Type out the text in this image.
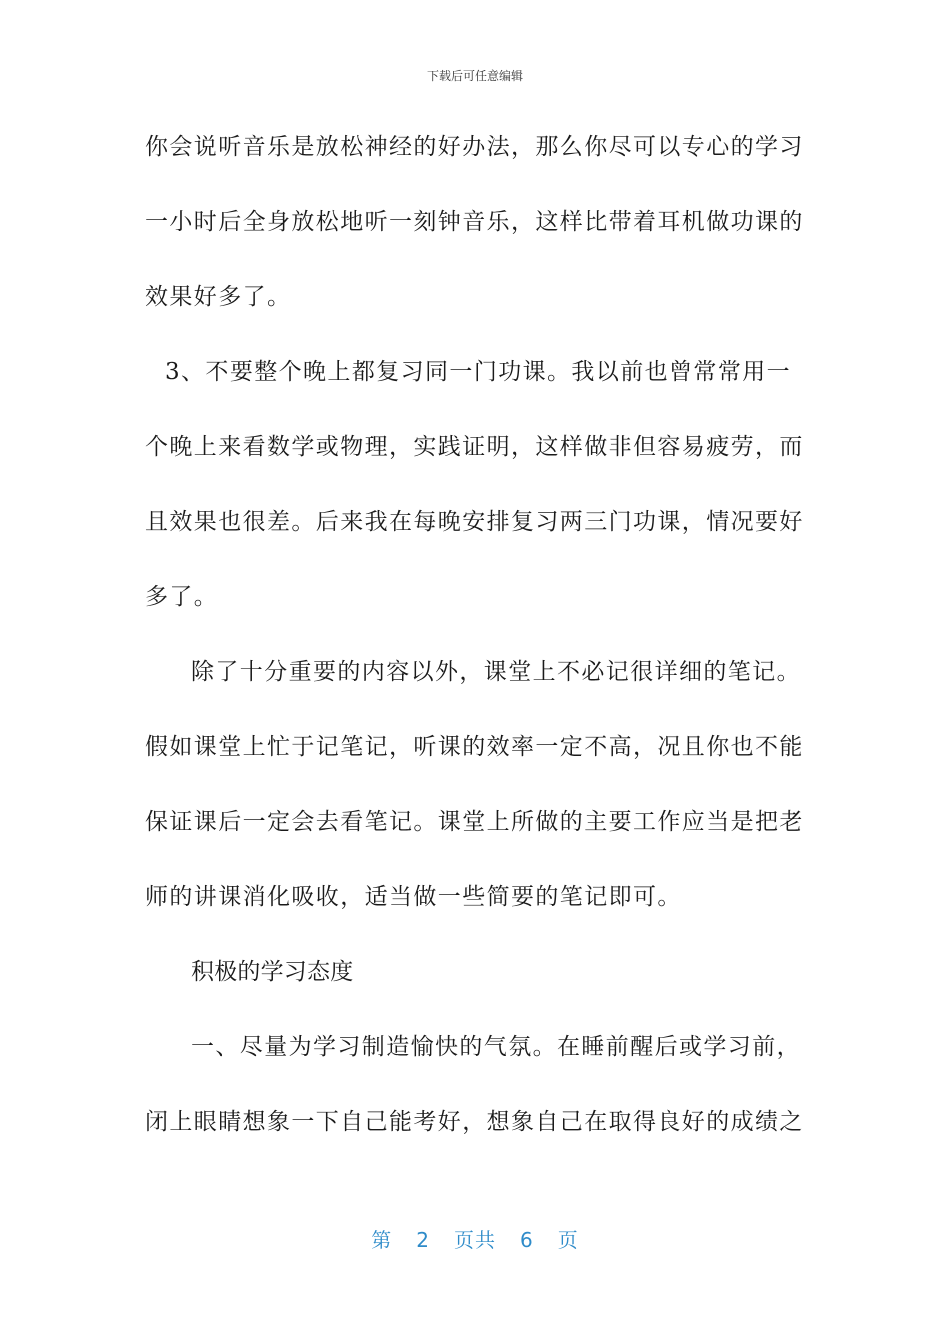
下载后可任意编辑
你会说听音乐是放松神经的好办法，那么你尽可以专心的学习
一小时后全身放松地听一刻钟音乐，这样比带着耳机做功课的
效果好多了。
3、不要整个晚上都复习同一门功课。我以前也曾常常用一
个晚上来看数学或物理，实践证明，这样做非但容易疲劳，而
且效果也很差。后来我在每晚安排复习两三门功课，情况要好
多了。
除了十分重要的内容以外，课堂上不必记很详细的笔记。
假如课堂上忙于记笔记，听课的效率一定不高，况且你也不能
保证课后一定会去看笔记。课堂上所做的主要工作应当是把老
师的讲课消化吸收，适当做一些简要的笔记即可。
积极的学习态度
一、尽量为学习制造愉快的气氛。在睡前醒后或学习前，
闭上眼睛想象一下自己能考好，想象自己在取得良好的成绩之
第 2 页共 6 页
